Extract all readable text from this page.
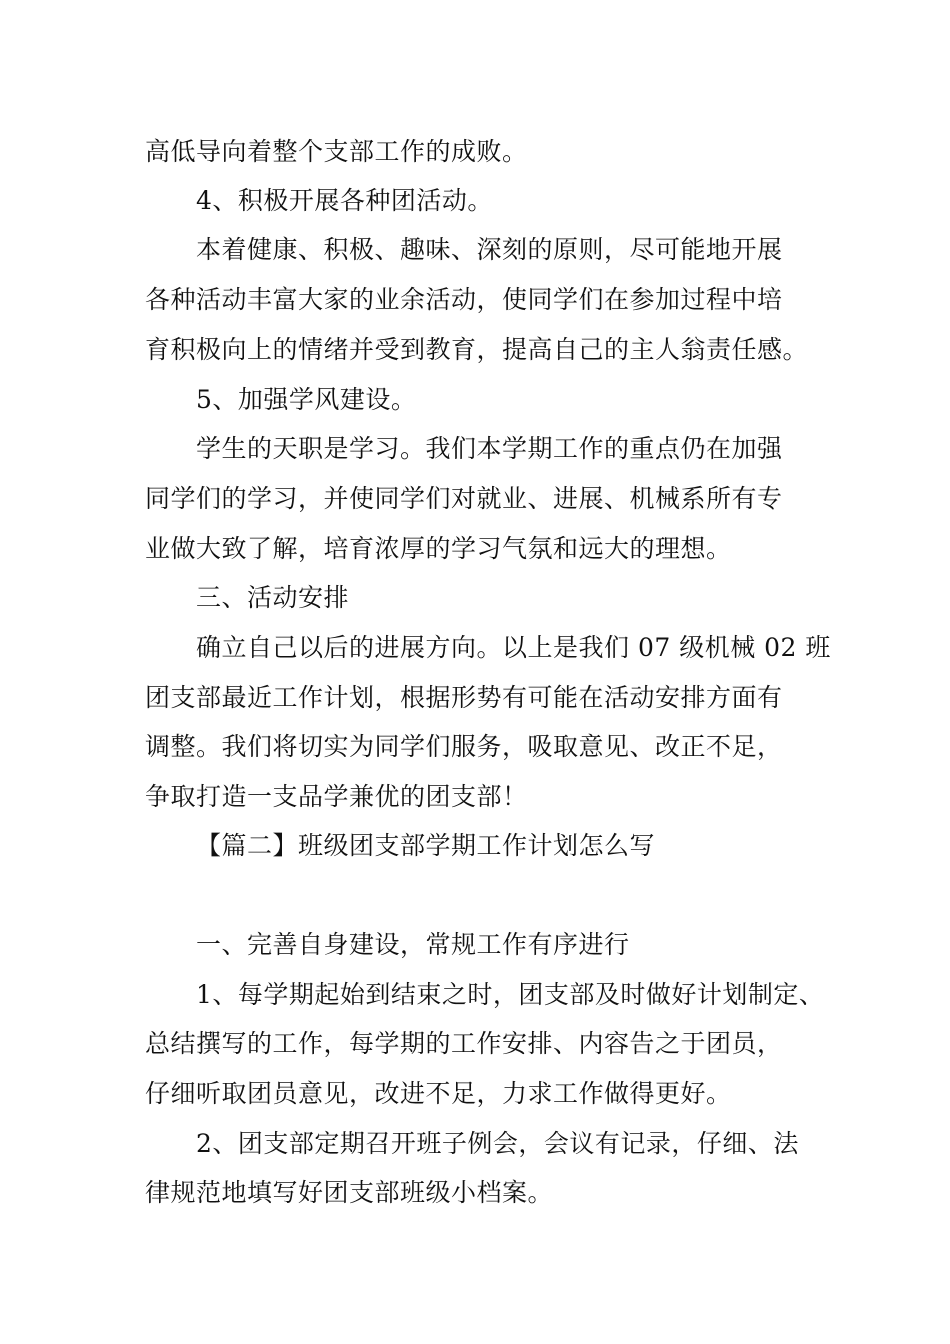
高低导向着整个支部工作的成败。
4、积极开展各种团活动。
本着健康、积极、趣味、深刻的原则，尽可能地开展
各种活动丰富大家的业余活动，使同学们在参加过程中培
育积极向上的情绪并受到教育，提高自己的主人翁责任感。
5、加强学风建设。
学生的天职是学习。我们本学期工作的重点仍在加强
同学们的学习，并使同学们对就业、进展、机械系所有专
业做大致了解，培育浓厚的学习气氛和远大的理想。
三、活动安排
确立自己以后的进展方向。以上是我们 07 级机械 02 班
团支部最近工作计划，根据形势有可能在活动安排方面有
调整。我们将切实为同学们服务，吸取意见、改正不足，
争取打造一支品学兼优的团支部！
【篇二】班级团支部学期工作计划怎么写
一、完善自身建设，常规工作有序进行
1、每学期起始到结束之时，团支部及时做好计划制定、
总结撰写的工作，每学期的工作安排、内容告之于团员，
仔细听取团员意见，改进不足，力求工作做得更好。
2、团支部定期召开班子例会，会议有记录，仔细、法
律规范地填写好团支部班级小档案。
